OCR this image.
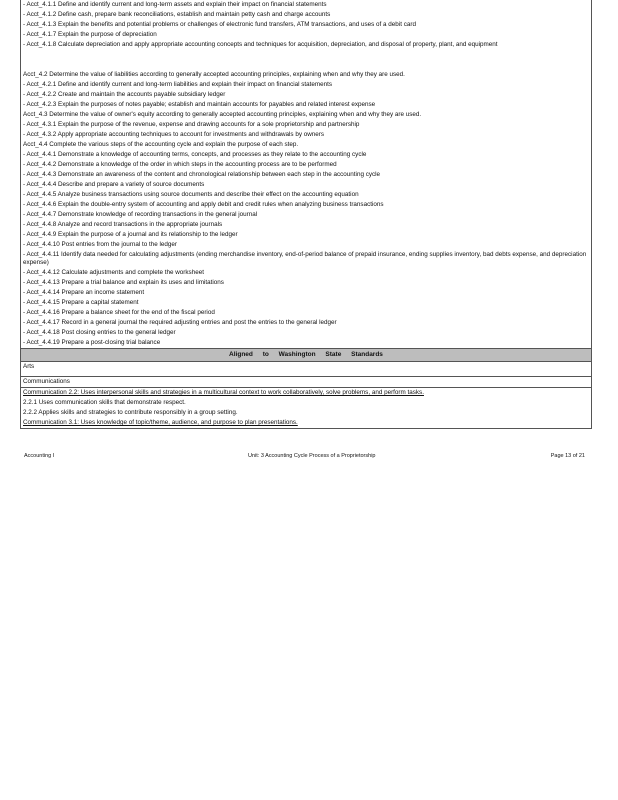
- Acct_4.1.1 Define and identify current and long-term assets and explain their impact on financial statements
- Acct_4.1.2 Define cash, prepare bank reconciliations, establish and maintain petty cash and charge accounts
- Acct_4.1.3 Explain the benefits and potential problems or challenges of electronic fund transfers, ATM transactions, and uses of a debit card
- Acct_4.1.7 Explain the purpose of depreciation
- Acct_4.1.8 Calculate depreciation and apply appropriate accounting concepts and techniques for acquisition, depreciation, and disposal of property, plant, and equipment
Acct_4.2 Determine the value of liabilities according to generally accepted accounting principles, explaining when and why they are used.
- Acct_4.2.1 Define and identify current and long-term liabilities and explain their impact on financial statements
- Acct_4.2.2 Create and maintain the accounts payable subsidiary ledger
- Acct_4.2.3 Explain the purposes of notes payable; establish and maintain accounts for payables and related interest expense
Acct_4.3 Determine the value of owner's equity according to generally accepted accounting principles, explaining when and why they are used.
- Acct_4.3.1 Explain the purpose of the revenue, expense and drawing accounts for a sole proprietorship and partnership
- Acct_4.3.2 Apply appropriate accounting techniques to account for investments and withdrawals by owners
Acct_4.4 Complete the various steps of the accounting cycle and explain the purpose of each step.
- Acct_4.4.1 Demonstrate a knowledge of accounting terms, concepts, and processes as they relate to the accounting cycle
- Acct_4.4.2 Demonstrate a knowledge of the order in which steps in the accounting process are to be performed
- Acct_4.4.3 Demonstrate an awareness of the content and chronological relationship between each step in the accounting cycle
- Acct_4.4.4 Describe and prepare a variety of source documents
- Acct_4.4.5 Analyze business transactions using source documents and describe their effect on the accounting equation
- Acct_4.4.6 Explain the double-entry system of accounting and apply debit and credit rules when analyzing business transactions
- Acct_4.4.7 Demonstrate knowledge of recording transactions in the general journal
- Acct_4.4.8 Analyze and record transactions in the appropriate journals
- Acct_4.4.9 Explain the purpose of a journal and its relationship to the ledger
- Acct_4.4.10 Post entries from the journal to the ledger
- Acct_4.4.11 Identify data needed for calculating adjustments (ending merchandise inventory, end-of-period balance of prepaid insurance, ending supplies inventory, bad debts expense, and depreciation expense)
- Acct_4.4.12 Calculate adjustments and complete the worksheet
- Acct_4.4.13 Prepare a trial balance and explain its uses and limitations
- Acct_4.4.14 Prepare an income statement
- Acct_4.4.15 Prepare a capital statement
- Acct_4.4.16 Prepare a balance sheet for the end of the fiscal period
- Acct_4.4.17 Record in a general journal the required adjusting entries and post the entries to the general ledger
- Acct_4.4.18 Post closing entries to the general ledger
- Acct_4.4.19 Prepare a post-closing trial balance
Aligned to Washington State Standards
Arts
Communications
Communication 2.2: Uses interpersonal skills and strategies in a multicultural context to work collaboratively, solve problems, and perform tasks.
2.2.1 Uses communication skills that demonstrate respect.
2.2.2 Applies skills and strategies to contribute responsibly in a group setting.
Communication 3.1: Uses knowledge of topic/theme, audience, and purpose to plan presentations.
Accounting I	Unit: 3 Accounting Cycle Process of a Proprietorship	Page 13 of 21
